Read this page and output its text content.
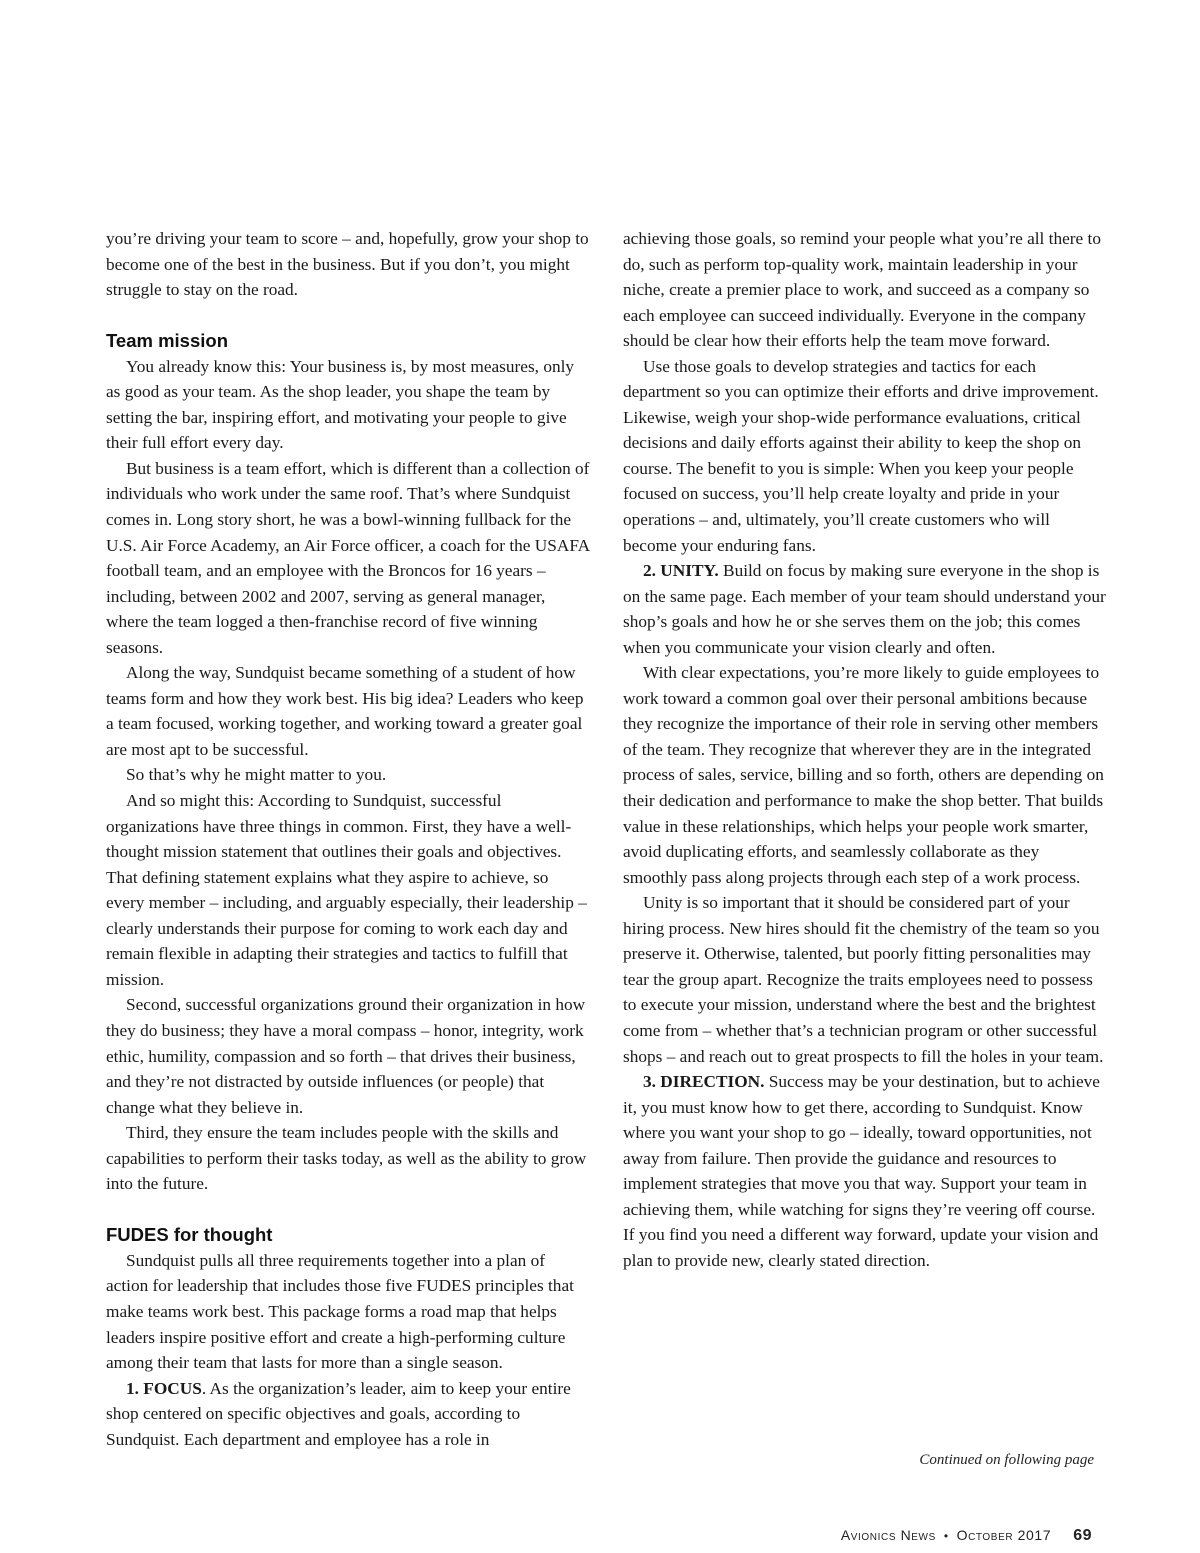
you’re driving your team to score – and, hopefully, grow your shop to become one of the best in the business. But if you don’t, you might struggle to stay on the road.

Team mission

You already know this: Your business is, by most measures, only as good as your team. As the shop leader, you shape the team by setting the bar, inspiring effort, and motivating your people to give their full effort every day.

But business is a team effort, which is different than a collection of individuals who work under the same roof. That’s where Sundquist comes in. Long story short, he was a bowl-winning fullback for the U.S. Air Force Academy, an Air Force officer, a coach for the USAFA football team, and an employee with the Broncos for 16 years – including, between 2002 and 2007, serving as general manager, where the team logged a then-franchise record of five winning seasons.

Along the way, Sundquist became something of a student of how teams form and how they work best. His big idea? Leaders who keep a team focused, working together, and working toward a greater goal are most apt to be successful.

So that’s why he might matter to you.

And so might this: According to Sundquist, successful organizations have three things in common. First, they have a well-thought mission statement that outlines their goals and objectives. That defining statement explains what they aspire to achieve, so every member – including, and arguably especially, their leadership – clearly understands their purpose for coming to work each day and remain flexible in adapting their strategies and tactics to fulfill that mission.

Second, successful organizations ground their organization in how they do business; they have a moral compass – honor, integrity, work ethic, humility, compassion and so forth – that drives their business, and they’re not distracted by outside influences (or people) that change what they believe in.

Third, they ensure the team includes people with the skills and capabilities to perform their tasks today, as well as the ability to grow into the future.

FUDES for thought

Sundquist pulls all three requirements together into a plan of action for leadership that includes those five FUDES principles that make teams work best. This package forms a road map that helps leaders inspire positive effort and create a high-performing culture among their team that lasts for more than a single season.

1. FOCUS. As the organization’s leader, aim to keep your entire shop centered on specific objectives and goals, according to Sundquist. Each department and employee has a role in

achieving those goals, so remind your people what you’re all there to do, such as perform top-quality work, maintain leadership in your niche, create a premier place to work, and succeed as a company so each employee can succeed individually. Everyone in the company should be clear how their efforts help the team move forward.

Use those goals to develop strategies and tactics for each department so you can optimize their efforts and drive improvement. Likewise, weigh your shop-wide performance evaluations, critical decisions and daily efforts against their ability to keep the shop on course. The benefit to you is simple: When you keep your people focused on success, you’ll help create loyalty and pride in your operations – and, ultimately, you’ll create customers who will become your enduring fans.

2. UNITY. Build on focus by making sure everyone in the shop is on the same page. Each member of your team should understand your shop’s goals and how he or she serves them on the job; this comes when you communicate your vision clearly and often.

With clear expectations, you’re more likely to guide employees to work toward a common goal over their personal ambitions because they recognize the importance of their role in serving other members of the team. They recognize that wherever they are in the integrated process of sales, service, billing and so forth, others are depending on their dedication and performance to make the shop better. That builds value in these relationships, which helps your people work smarter, avoid duplicating efforts, and seamlessly collaborate as they smoothly pass along projects through each step of a work process.

Unity is so important that it should be considered part of your hiring process. New hires should fit the chemistry of the team so you preserve it. Otherwise, talented, but poorly fitting personalities may tear the group apart. Recognize the traits employees need to possess to execute your mission, understand where the best and the brightest come from – whether that’s a technician program or other successful shops – and reach out to great prospects to fill the holes in your team.

3. DIRECTION. Success may be your destination, but to achieve it, you must know how to get there, according to Sundquist. Know where you want your shop to go – ideally, toward opportunities, not away from failure. Then provide the guidance and resources to implement strategies that move you that way. Support your team in achieving them, while watching for signs they’re veering off course. If you find you need a different way forward, update your vision and plan to provide new, clearly stated direction.

Continued on following page
Avionics News • October 2017 69
